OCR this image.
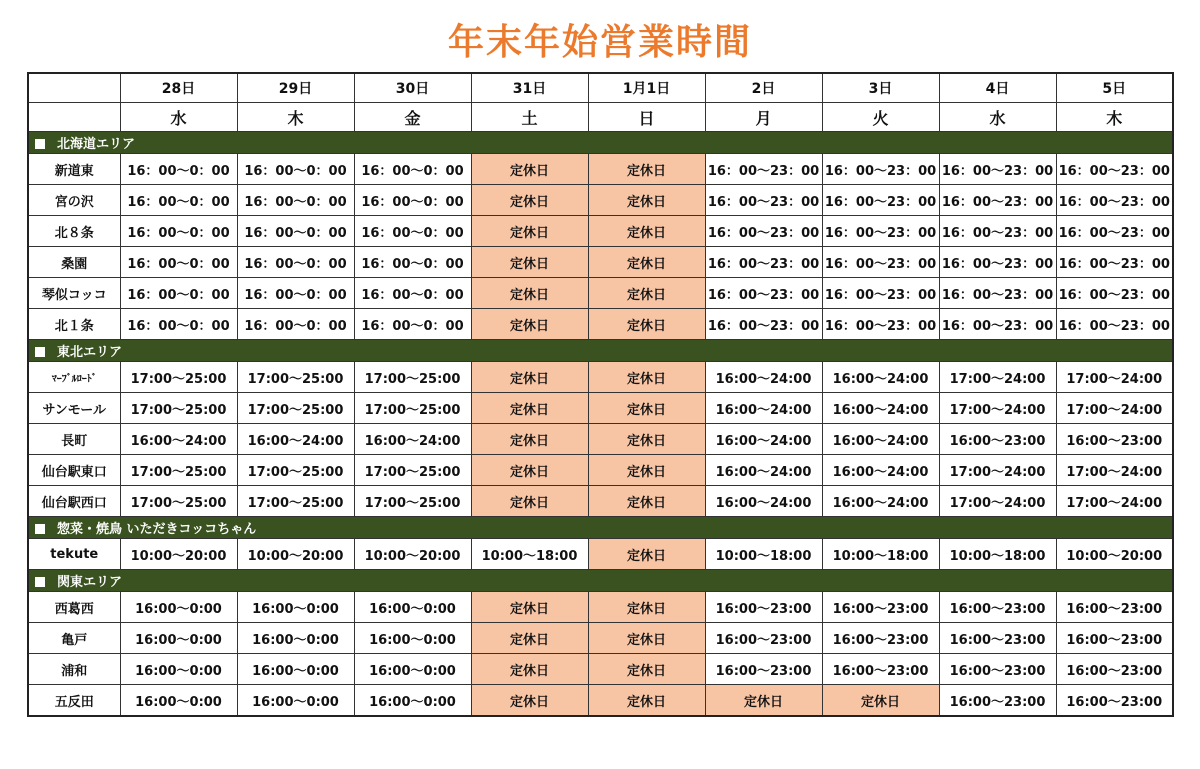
年末年始営業時間
	28日	29日	30日	31日	1月1日	2日	3日	4日	5日
	水	木	金	土	日	月	火	水	木
北海道エリア									
新道東	16：00～0：00	16：00～0：00	16：00～0：00	定休日	定休日	16：00～23：00	16：00～23：00	16：00～23：00	16：00～23：00
宮の沢	16：00～0：00	16：00～0：00	16：00～0：00	定休日	定休日	16：00～23：00	16：00～23：00	16：00～23：00	16：00～23：00
北８条	16：00～0：00	16：00～0：00	16：00～0：00	定休日	定休日	16：00～23：00	16：00～23：00	16：00～23：00	16：00～23：00
桑園	16：00～0：00	16：00～0：00	16：00～0：00	定休日	定休日	16：00～23：00	16：00～23：00	16：00～23：00	16：00～23：00
琴似コッコ	16：00～0：00	16：00～0：00	16：00～0：00	定休日	定休日	16：00～23：00	16：00～23：00	16：00～23：00	16：00～23：00
北１条	16：00～0：00	16：00～0：00	16：00～0：00	定休日	定休日	16：00～23：00	16：00～23：00	16：00～23：00	16：00～23：00
東北エリア									
ﾏｰﾌﾞﾙﾛｰﾄﾞ	17:00～25:00	17:00～25:00	17:00～25:00	定休日	定休日	16:00～24:00	16:00～24:00	17:00～24:00	17:00～24:00
サンモール	17:00～25:00	17:00～25:00	17:00～25:00	定休日	定休日	16:00～24:00	16:00～24:00	17:00～24:00	17:00～24:00
長町	16:00～24:00	16:00～24:00	16:00～24:00	定休日	定休日	16:00～24:00	16:00～24:00	16:00～23:00	16:00～23:00
仙台駅東口	17:00～25:00	17:00～25:00	17:00～25:00	定休日	定休日	16:00～24:00	16:00～24:00	17:00～24:00	17:00～24:00
仙台駅西口	17:00～25:00	17:00～25:00	17:00～25:00	定休日	定休日	16:00～24:00	16:00～24:00	17:00～24:00	17:00～24:00
惣菜・焼鳥 いただきコッコちゃん									
tekute	10:00～20:00	10:00～20:00	10:00～20:00	10:00～18:00	定休日	10:00～18:00	10:00～18:00	10:00～18:00	10:00～20:00
関東エリア									
西葛西	16:00～0:00	16:00～0:00	16:00～0:00	定休日	定休日	16:00～23:00	16:00～23:00	16:00～23:00	16:00～23:00
亀戸	16:00～0:00	16:00～0:00	16:00～0:00	定休日	定休日	16:00～23:00	16:00～23:00	16:00～23:00	16:00～23:00
浦和	16:00～0:00	16:00～0:00	16:00～0:00	定休日	定休日	16:00～23:00	16:00～23:00	16:00～23:00	16:00～23:00
五反田	16:00～0:00	16:00～0:00	16:00～0:00	定休日	定休日	定休日	定休日	16:00～23:00	16:00～23:00
